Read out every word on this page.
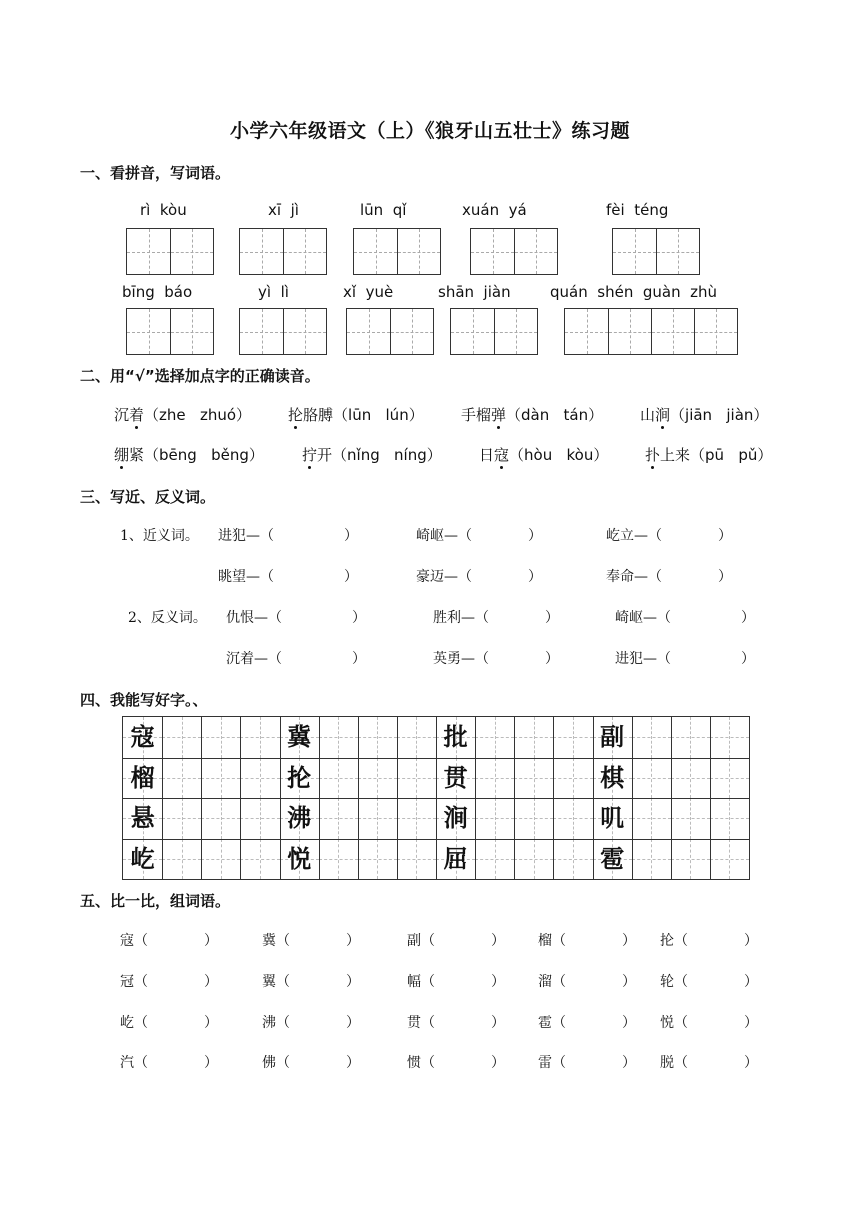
小学六年级语文（上）《狼牙山五壮士》练习题
一、看拼音，写词语。
rì  kòu	xī  jì	lūn  qǐ	xuán  yá	fèi  téng
bīng  báo	yì  lì	xǐ  yuè	shān  jiàn	quán  shén  guàn  zhù
二、用“√”选择加点字的正确读音。
沉着（zhe   zhuó） 抡胳膊（lūn   lún） 手榴弹（dàn   tán） 山涧（jiān   jiàn）
绷紧（bēng   běng）	拧开（nǐng   níng） 日寇（hòu   kòu） 扑上来（pū   pǔ）
三、写近、反义词。
1、近义词。 进犯—（　　　　　）	崎岖—（　　　　）	屹立—（　　　　）
眺望—（　　　　　）	豪迈—（　　　　）	奉命—（　　　　）
2、反义词。 仇恨—（　　　　　）	胜利—（　　　　）	崎岖—（　　　　　）
沉着—（　　　　　）	英勇—（　　　　）	进犯—（　　　　　）
四、我能写好字。、
寇	冀	批	副
榴	抡	贯	棋
悬	沸	涧	叽
屹	悦	屈	雹
五、比一比，组词语。
寇（　　　　）	冀（　　　　）	副（　　　　） 榴（　　　　） 抡（　　　　）
冠（　　　　）	翼（　　　　）	幅（　　　　） 溜（　　　　） 轮（　　　　）
屹（　　　　）	沸（　　　　）	贯（　　　　） 雹（　　　　） 悦（　　　　）
汽（　　　　）	佛（　　　　）	惯（　　　　） 雷（　　　　） 脱（　　　　）
